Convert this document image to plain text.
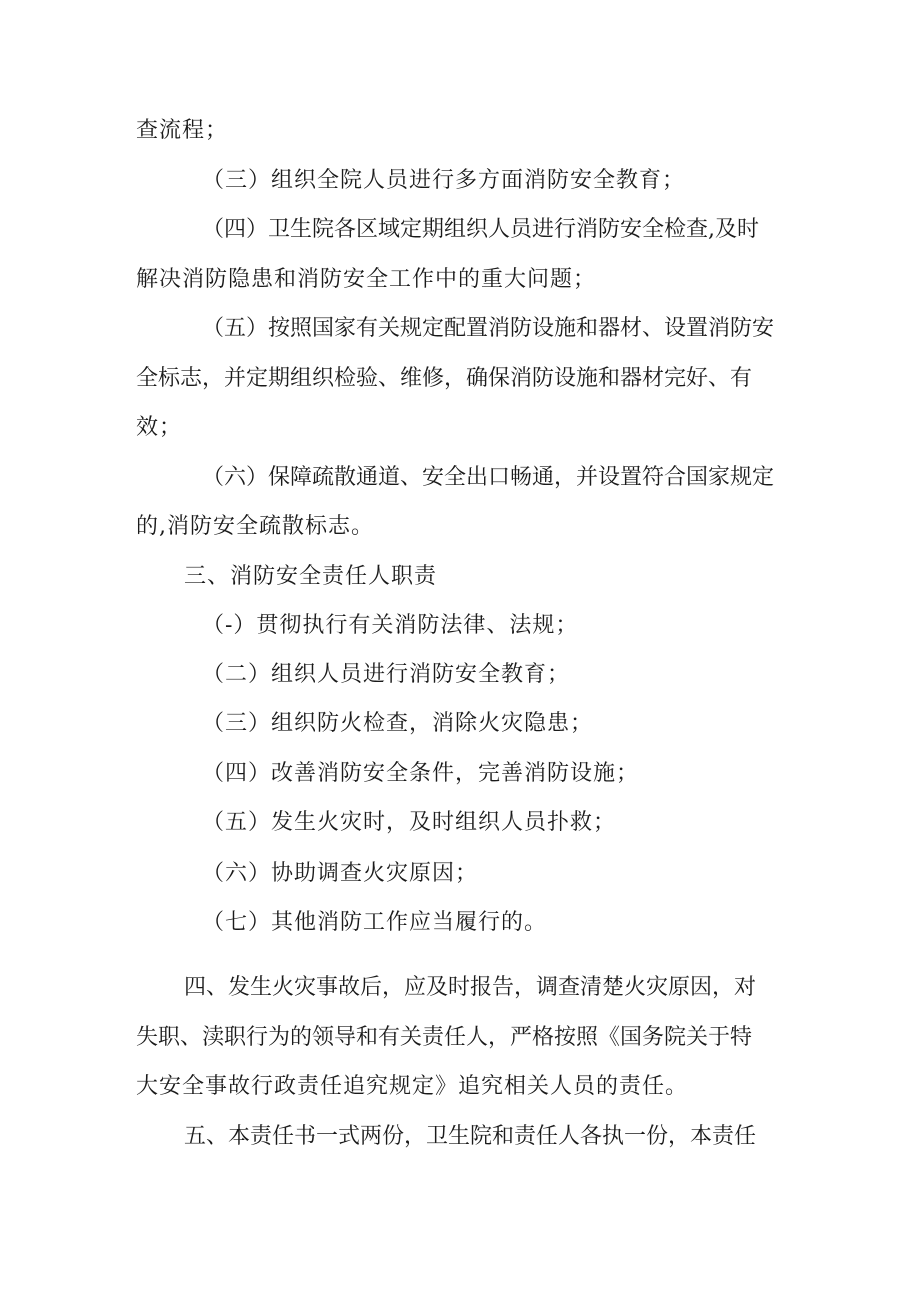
查流程；
（三）组织全院人员进行多方面消防安全教育；
（四）卫生院各区域定期组织人员进行消防安全检查,及时
解决消防隐患和消防安全工作中的重大问题；
（五）按照国家有关规定配置消防设施和器材、设置消防安
全标志，并定期组织检验、维修，确保消防设施和器材完好、有
效；
（六）保障疏散通道、安全出口畅通，并设置符合国家规定
的,消防安全疏散标志。
三、消防安全责任人职责
（-）贯彻执行有关消防法律、法规；
（二）组织人员进行消防安全教育；
（三）组织防火检查，消除火灾隐患；
（四）改善消防安全条件，完善消防设施；
（五）发生火灾时，及时组织人员扑救；
（六）协助调查火灾原因；
（七）其他消防工作应当履行的。
四、发生火灾事故后，应及时报告，调查清楚火灾原因，对
失职、渎职行为的领导和有关责任人，严格按照《国务院关于特
大安全事故行政责任追究规定》追究相关人员的责任。
五、本责任书一式两份，卫生院和责任人各执一份，本责任
